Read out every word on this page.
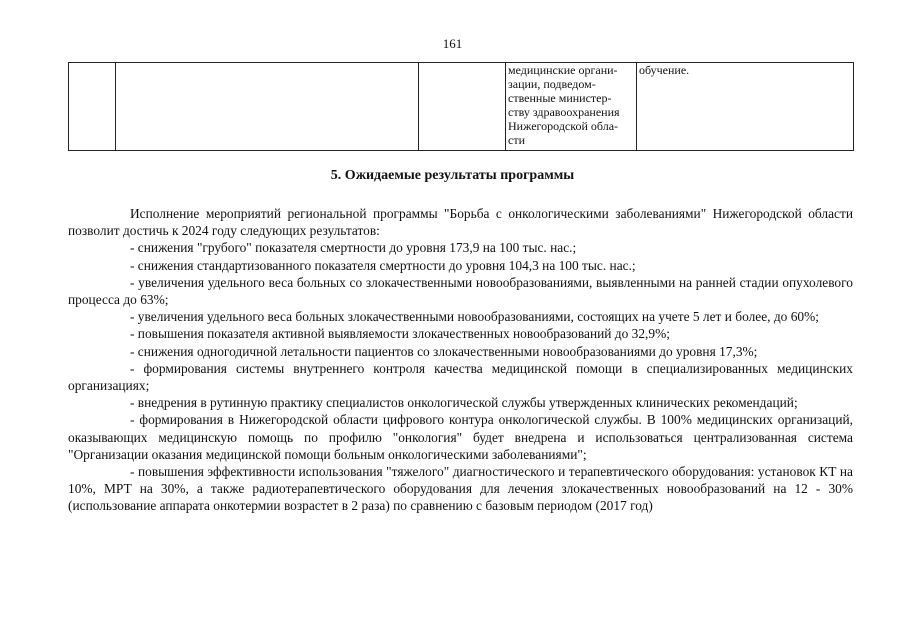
161
			медицинские органи-
зации, подведом-
ственные министер-
ству здравоохранения
Нижегородской обла-
сти	обучение.
5. Ожидаемые результаты программы

Исполнение мероприятий региональной программы "Борьба с онкологическими заболеваниями" Нижегородской области позволит достичь к 2024 году следующих результатов:

- снижения "грубого" показателя смертности до уровня 173,9 на 100 тыс. нас.;

- снижения стандартизованного показателя смертности до уровня 104,3 на 100 тыс. нас.;

- увеличения удельного веса больных со злокачественными новообразованиями, выявленными на ранней стадии опухолевого процесса до 63%;

- увеличения удельного веса больных злокачественными новообразованиями, состоящих на учете 5 лет и более, до 60%;

- повышения показателя активной выявляемости злокачественных новообразований до 32,9%;

- снижения одногодичной летальности пациентов со злокачественными новообразованиями до уровня 17,3%;

- формирования системы внутреннего контроля качества медицинской помощи в специализированных медицинских организациях;

- внедрения в рутинную практику специалистов онкологической службы утвержденных клинических рекомендаций;

- формирования в Нижегородской области цифрового контура онкологической службы. В 100% медицинских организаций, оказывающих медицинскую помощь по профилю "онкология" будет внедрена и использоваться централизованная система "Организации оказания медицинской помощи больным онкологическими заболеваниями";

- повышения эффективности использования "тяжелого" диагностического и терапевтического оборудования: установок КТ на 10%, МРТ на 30%, а также радиотерапевтического оборудования для лечения злокачественных новообразований на 12 - 30% (использование аппарата онкотермии возрастет в 2 раза) по сравнению с базовым периодом (2017 год)
